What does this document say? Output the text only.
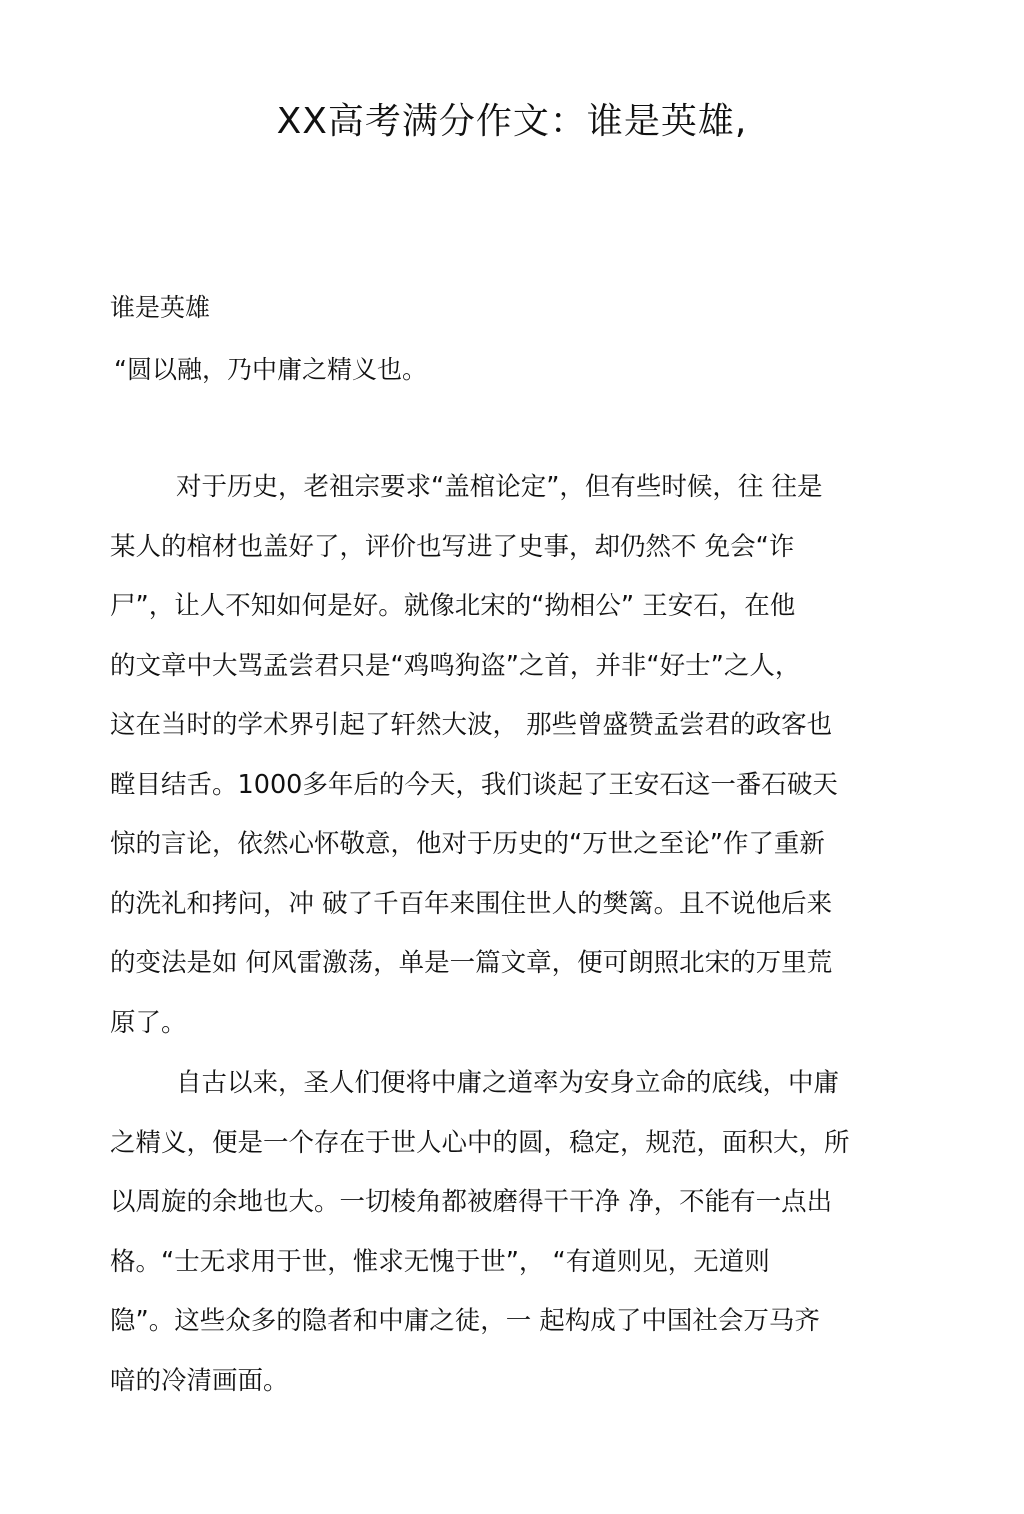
XX高考满分作文：谁是英雄,
谁是英雄
“圆以融，乃中庸之精义也。
对于历史，老祖宗要求“盖棺论定”，但有些时候，往 往是
某人的棺材也盖好了，评价也写进了史事，却仍然不 免会“诈
尸”，让人不知如何是好。就像北宋的“拗相公” 王安石，在他
的文章中大骂孟尝君只是“鸡鸣狗盗”之首，并非“好士”之人，
这在当时的学术界引起了轩然大波， 那些曾盛赞孟尝君的政客也
瞠目结舌。1000多年后的今天，我们谈起了王安石这一番石破天
惊的言论，依然心怀敬意，他对于历史的“万世之至论”作了重新
的洗礼和拷问，冲 破了千百年来围住世人的樊篱。且不说他后来
的变法是如 何风雷激荡，单是一篇文章，便可朗照北宋的万里荒
原了。
自古以来，圣人们便将中庸之道率为安身立命的底线，中庸
之精义，便是一个存在于世人心中的圆，稳定，规范，面积大，所
以周旋的余地也大。一切棱角都被磨得干干净 净，不能有一点出
格。“士无求用于世，惟求无愧于世”， “有道则见，无道则
隐”。这些众多的隐者和中庸之徒，一 起构成了中国社会万马齐
喑的冷清画面。
